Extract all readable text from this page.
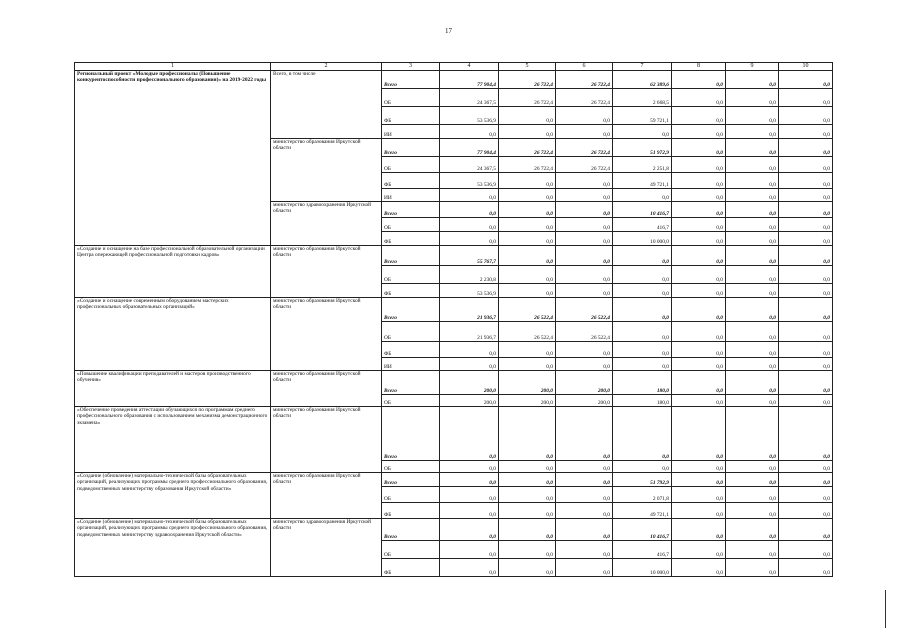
17
1	2	3	4	5	6	7	8	9	10
Региональный проект «Молодые профессионалы (Повышение конкурентоспособности профессионального образования)» на 2019-2022 годы	Всего, в том числе	Всего	77 904,4	26 722,4	26 722,4	62 389,6	0,0	0,0	0,0
		ОБ	24 367,5	26 722,4	26 722,4	2 668,5	0,0	0,0	0,0
		ФБ	53 536,9	0,0	0,0	59 721,1	0,0	0,0	0,0
		ИИ	0,0	0,0	0,0	0,0	0,0	0,0	0,0
	министерство образования Иркутской области	Всего	77 904,4	26 722,4	26 722,4	51 972,9	0,0	0,0	0,0
		ОБ	24 367,5	26 722,4	26 722,4	2 251,8	0,0	0,0	0,0
		ФБ	53 536,9	0,0	0,0	49 721,1	0,0	0,0	0,0
		ИИ	0,0	0,0	0,0	0,0	0,0	0,0	0,0
	министерство здравоохранения Иркутской области	Всего	0,0	0,0	0,0	10 416,7	0,0	0,0	0,0
		ОБ	0,0	0,0	0,0	416,7	0,0	0,0	0,0
		ФБ	0,0	0,0	0,0	10 000,0	0,0	0,0	0,0
«Создание и оснащение на базе профессиональной образовательной организации Центра опережающей профессиональной подготовки кадров»	министерство образования Иркутской области	Всего	55 767,7	0,0	0,0	0,0	0,0	0,0	0,0
		ОБ	2 230,8	0,0	0,0	0,0	0,0	0,0	0,0
		ФБ	53 536,9	0,0	0,0	0,0	0,0	0,0	0,0
«Создание и оснащение современным оборудованием мастерских профессиональных образовательных организаций»	министерство образования Иркутской области	Всего	21 936,7	26 522,4	26 522,4	0,0	0,0	0,0	0,0
		ОБ	21 936,7	26 522,4	26 522,4	0,0	0,0	0,0	0,0
		ФБ	0,0	0,0	0,0	0,0	0,0	0,0	0,0
		ИИ	0,0	0,0	0,0	0,0	0,0	0,0	0,0
«Повышение квалификации преподавателей и мастеров производственного обучения»	министерство образования Иркутской области	Всего	200,0	200,0	200,0	180,0	0,0	0,0	0,0
		ОБ	200,0	200,0	200,0	180,0	0,0	0,0	0,0
«Обеспечение проведения аттестации обучающихся по программам среднего профессионального образования с использованием механизма демонстрационного экзамена»	министерство образования Иркутской области	Всего	0,0	0,0	0,0	0,0	0,0	0,0	0,0
		ОБ	0,0	0,0	0,0	0,0	0,0	0,0	0,0
«Создание (обновление) материально-технической базы образовательных организаций, реализующих программы среднего профессионального образования, подведомственных министерству образования Иркутской области»	министерство образования Иркутской области	Всего	0,0	0,0	0,0	51 792,9	0,0	0,0	0,0
		ОБ	0,0	0,0	0,0	2 071,8	0,0	0,0	0,0
		ФБ	0,0	0,0	0,0	49 721,1	0,0	0,0	0,0
«Создание (обновление) материально-технической базы образовательных организаций, реализующих программы среднего профессионального образования, подведомственных министерству здравоохранения Иркутской области»	министерство здравоохранения Иркутской области	Всего	0,0	0,0	0,0	10 416,7	0,0	0,0	0,0
		ОБ	0,0	0,0	0,0	416,7	0,0	0,0	0,0
		ФБ	0,0	0,0	0,0	10 000,0	0,0	0,0	0,0
